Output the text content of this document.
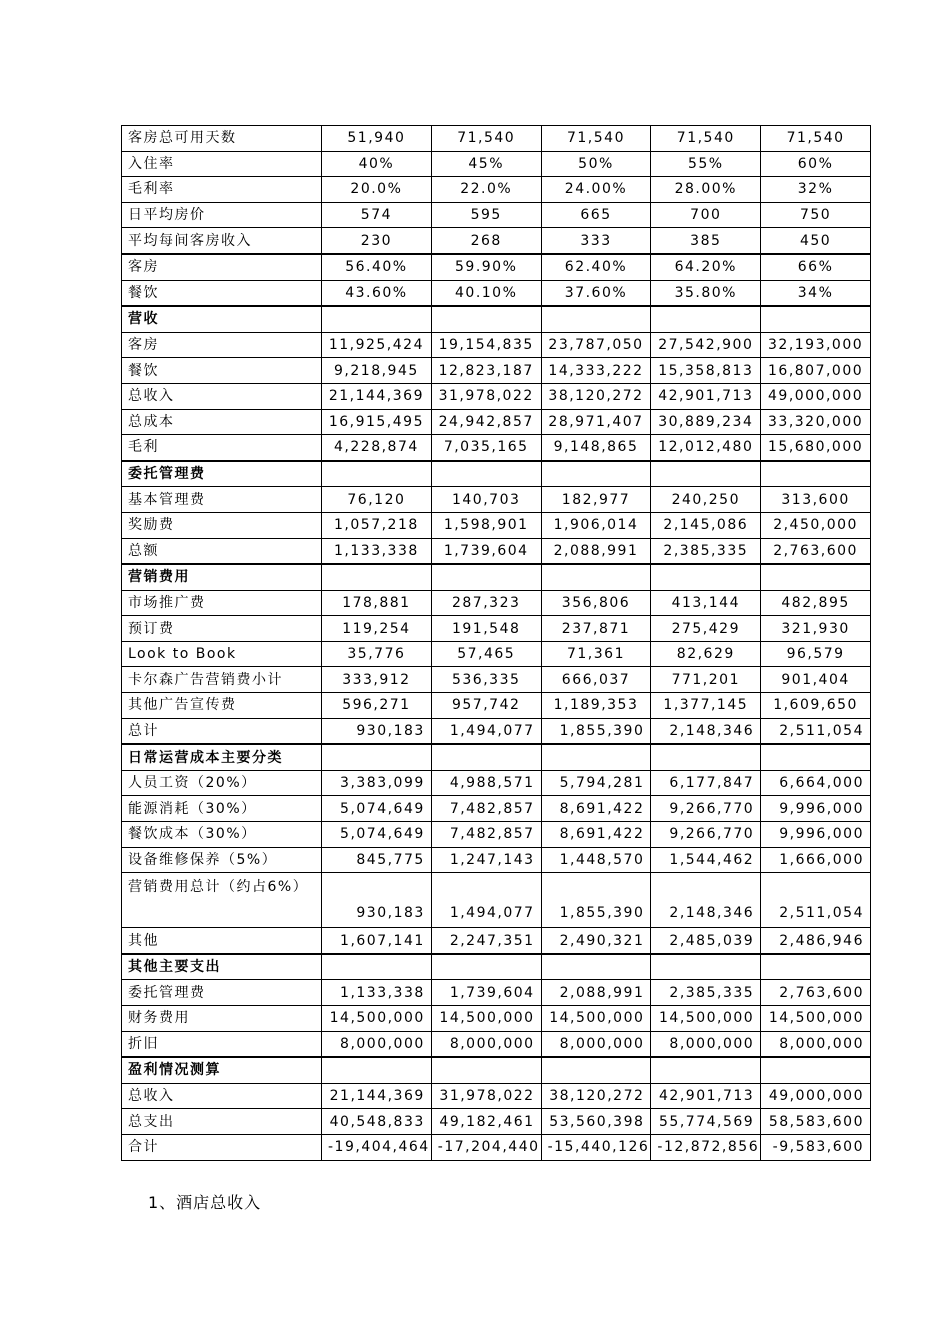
客房总可用天数	51,940	71,540	71,540	71,540	71,540
入住率	40%	45%	50%	55%	60%
毛利率	20.0%	22.0%	24.00%	28.00%	32%
日平均房价	574	595	665	700	750
平均每间客房收入	230	268	333	385	450
客房	56.40%	59.90%	62.40%	64.20%	66%
餐饮	43.60%	40.10%	37.60%	35.80%	34%
营收					
客房	11,925,424	19,154,835	23,787,050	27,542,900	32,193,000
餐饮	9,218,945	12,823,187	14,333,222	15,358,813	16,807,000
总收入	21,144,369	31,978,022	38,120,272	42,901,713	49,000,000
总成本	16,915,495	24,942,857	28,971,407	30,889,234	33,320,000
毛利	4,228,874	7,035,165	9,148,865	12,012,480	15,680,000
委托管理费					
基本管理费	76,120	140,703	182,977	240,250	313,600
奖励费	1,057,218	1,598,901	1,906,014	2,145,086	2,450,000
总额	1,133,338	1,739,604	2,088,991	2,385,335	2,763,600
营销费用					
市场推广费	178,881	287,323	356,806	413,144	482,895
预订费	119,254	191,548	237,871	275,429	321,930
Look to Book	35,776	57,465	71,361	82,629	96,579
卡尔森广告营销费小计	333,912	536,335	666,037	771,201	901,404
其他广告宣传费	596,271	957,742	1,189,353	1,377,145	1,609,650
总计	930,183	1,494,077	1,855,390	2,148,346	2,511,054
日常运营成本主要分类					
人员工资（20%）	3,383,099	4,988,571	5,794,281	6,177,847	6,664,000
能源消耗（30%）	5,074,649	7,482,857	8,691,422	9,266,770	9,996,000
餐饮成本（30%）	5,074,649	7,482,857	8,691,422	9,266,770	9,996,000
设备维修保养（5%）	845,775	1,247,143	1,448,570	1,544,462	1,666,000
营销费用总计（约占6%）	930,183	1,494,077	1,855,390	2,148,346	2,511,054
其他	1,607,141	2,247,351	2,490,321	2,485,039	2,486,946
其他主要支出					
委托管理费	1,133,338	1,739,604	2,088,991	2,385,335	2,763,600
财务费用	14,500,000	14,500,000	14,500,000	14,500,000	14,500,000
折旧	8,000,000	8,000,000	8,000,000	8,000,000	8,000,000
盈利情况测算					
总收入	21,144,369	31,978,022	38,120,272	42,901,713	49,000,000
总支出	40,548,833	49,182,461	53,560,398	55,774,569	58,583,600
合计	-19,404,464	-17,204,440	-15,440,126	-12,872,856	-9,583,600
1、酒店总收入
